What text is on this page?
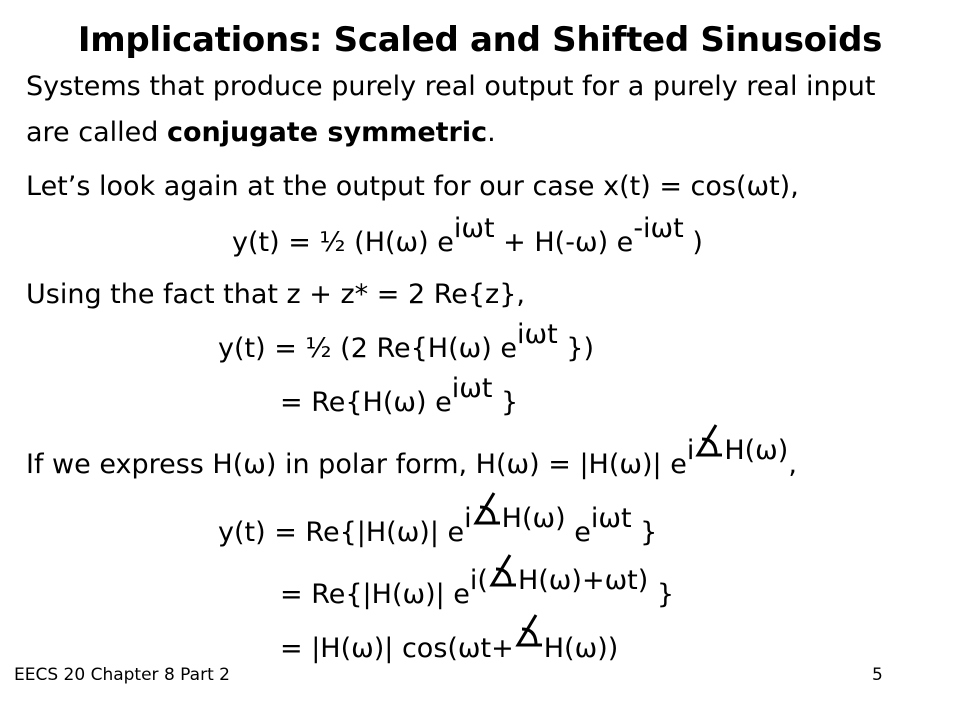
Implications: Scaled and Shifted Sinusoids
Systems that produce purely real output for a purely real input
are called conjugate symmetric.
Let’s look again at the output for our case x(t) = cos(ωt),
y(t) = ½ (H(ω) eiωt + H(-ω) e-iωt )
Using the fact that z + z* = 2 Re{z},
y(t) = ½ (2 Re{H(ω) eiωt })
= Re{H(ω) eiωt }
If we express H(ω) in polar form, H(ω) = |H(ω)| ei H(ω),
y(t) = Re{|H(ω)| ei H(ω) eiωt }
= Re{|H(ω)| ei( H(ω)+ωt) }
= |H(ω)| cos(ωt+ H(ω))
EECS 20 Chapter 8 Part 2	5
